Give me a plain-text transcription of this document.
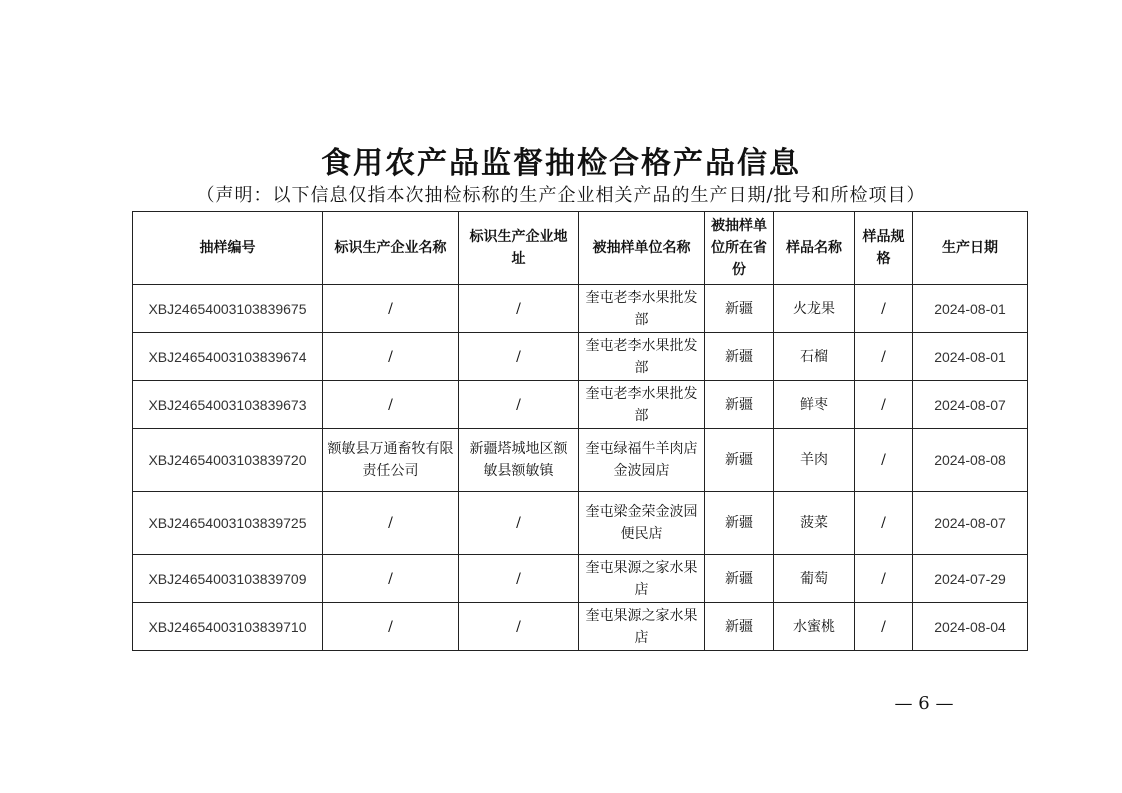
食用农产品监督抽检合格产品信息
（声明：以下信息仅指本次抽检标称的生产企业相关产品的生产日期/批号和所检项目）
抽样编号	标识生产企业名称	标识生产企业地址	被抽样单位名称	被抽样单位所在省份	样品名称	样品规格	生产日期
XBJ24654003103839675	/	/	奎屯老李水果批发部	新疆	火龙果	/	2024-08-01
XBJ24654003103839674	/	/	奎屯老李水果批发部	新疆	石榴	/	2024-08-01
XBJ24654003103839673	/	/	奎屯老李水果批发部	新疆	鲜枣	/	2024-08-07
XBJ24654003103839720	额敏县万通畜牧有限责任公司	新疆塔城地区额敏县额敏镇	奎屯绿福牛羊肉店金波园店	新疆	羊肉	/	2024-08-08
XBJ24654003103839725	/	/	奎屯梁金荣金波园便民店	新疆	菠菜	/	2024-08-07
XBJ24654003103839709	/	/	奎屯果源之家水果店	新疆	葡萄	/	2024-07-29
XBJ24654003103839710	/	/	奎屯果源之家水果店	新疆	水蜜桃	/	2024-08-04
— 6 —
